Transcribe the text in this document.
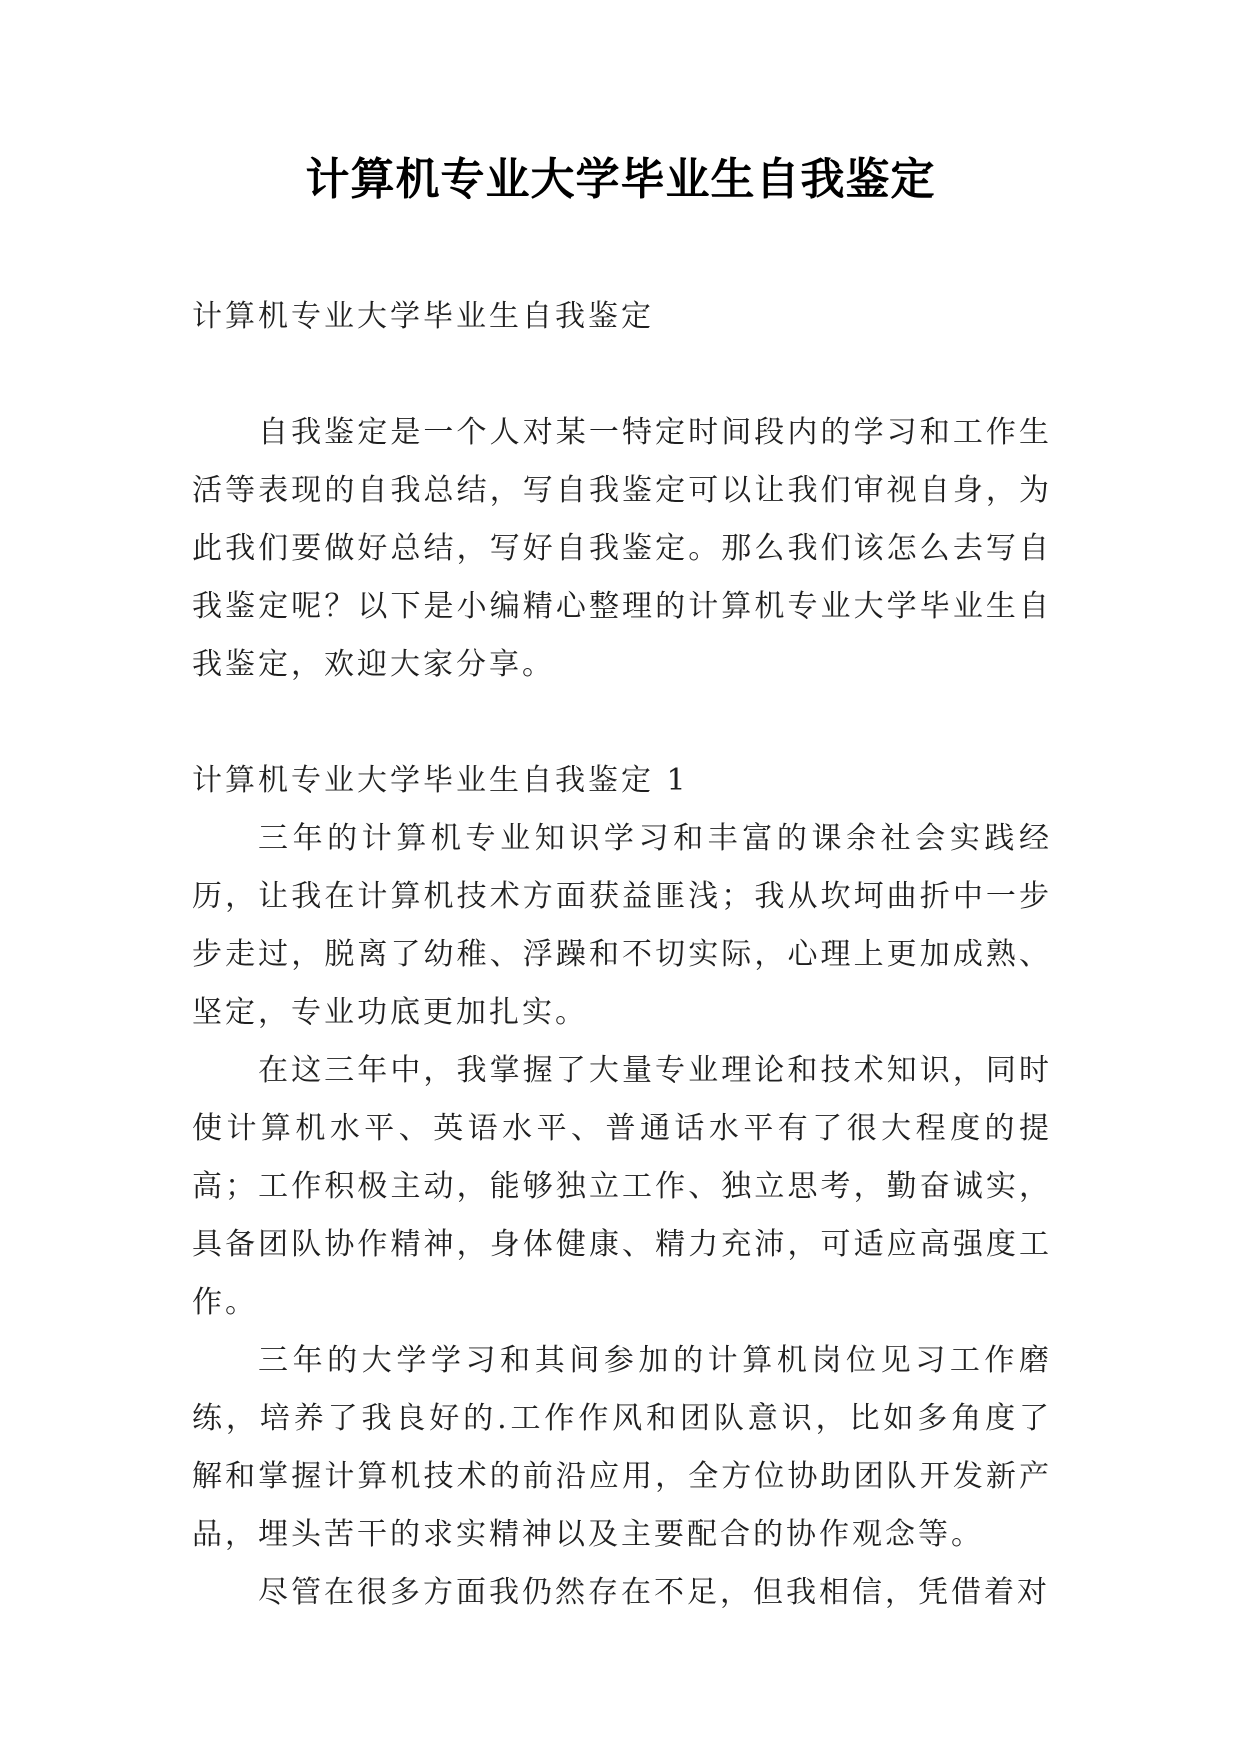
计算机专业大学毕业生自我鉴定

计算机专业大学毕业生自我鉴定

自我鉴定是一个人对某一特定时间段内的学习和工作生活等表现的自我总结，写自我鉴定可以让我们审视自身，为此我们要做好总结，写好自我鉴定。那么我们该怎么去写自我鉴定呢？以下是小编精心整理的计算机专业大学毕业生自我鉴定，欢迎大家分享。

计算机专业大学毕业生自我鉴定 1

三年的计算机专业知识学习和丰富的课余社会实践经历，让我在计算机技术方面获益匪浅；我从坎坷曲折中一步步走过，脱离了幼稚、浮躁和不切实际，心理上更加成熟、坚定，专业功底更加扎实。

在这三年中，我掌握了大量专业理论和技术知识，同时使计算机水平、英语水平、普通话水平有了很大程度的提高；工作积极主动，能够独立工作、独立思考，勤奋诚实，具备团队协作精神，身体健康、精力充沛，可适应高强度工作。

三年的大学学习和其间参加的计算机岗位见习工作磨练，培养了我良好的.工作作风和团队意识，比如多角度了解和掌握计算机技术的前沿应用，全方位协助团队开发新产品，埋头苦干的求实精神以及主要配合的协作观念等。

尽管在很多方面我仍然存在不足，但我相信，凭借着对
